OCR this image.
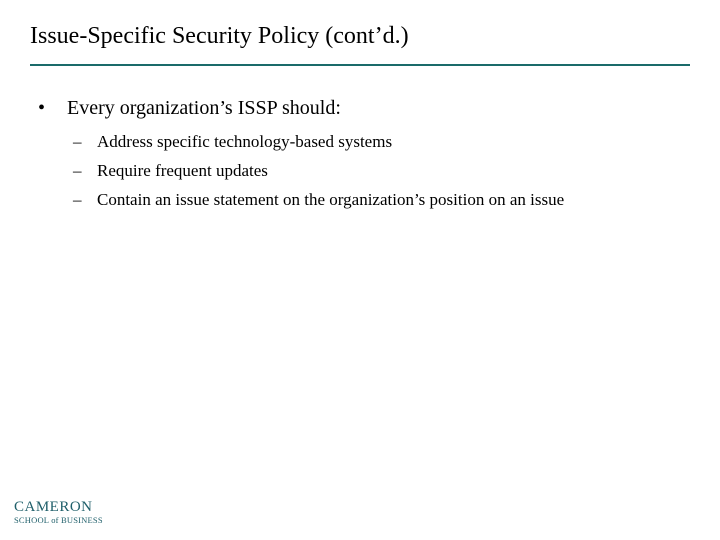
Issue-Specific Security Policy (cont’d.)
• Every organization’s ISSP should:
– Address specific technology-based systems
– Require frequent updates
– Contain an issue statement on the organization’s position on an issue
CAMERON
SCHOOL of BUSINESS
